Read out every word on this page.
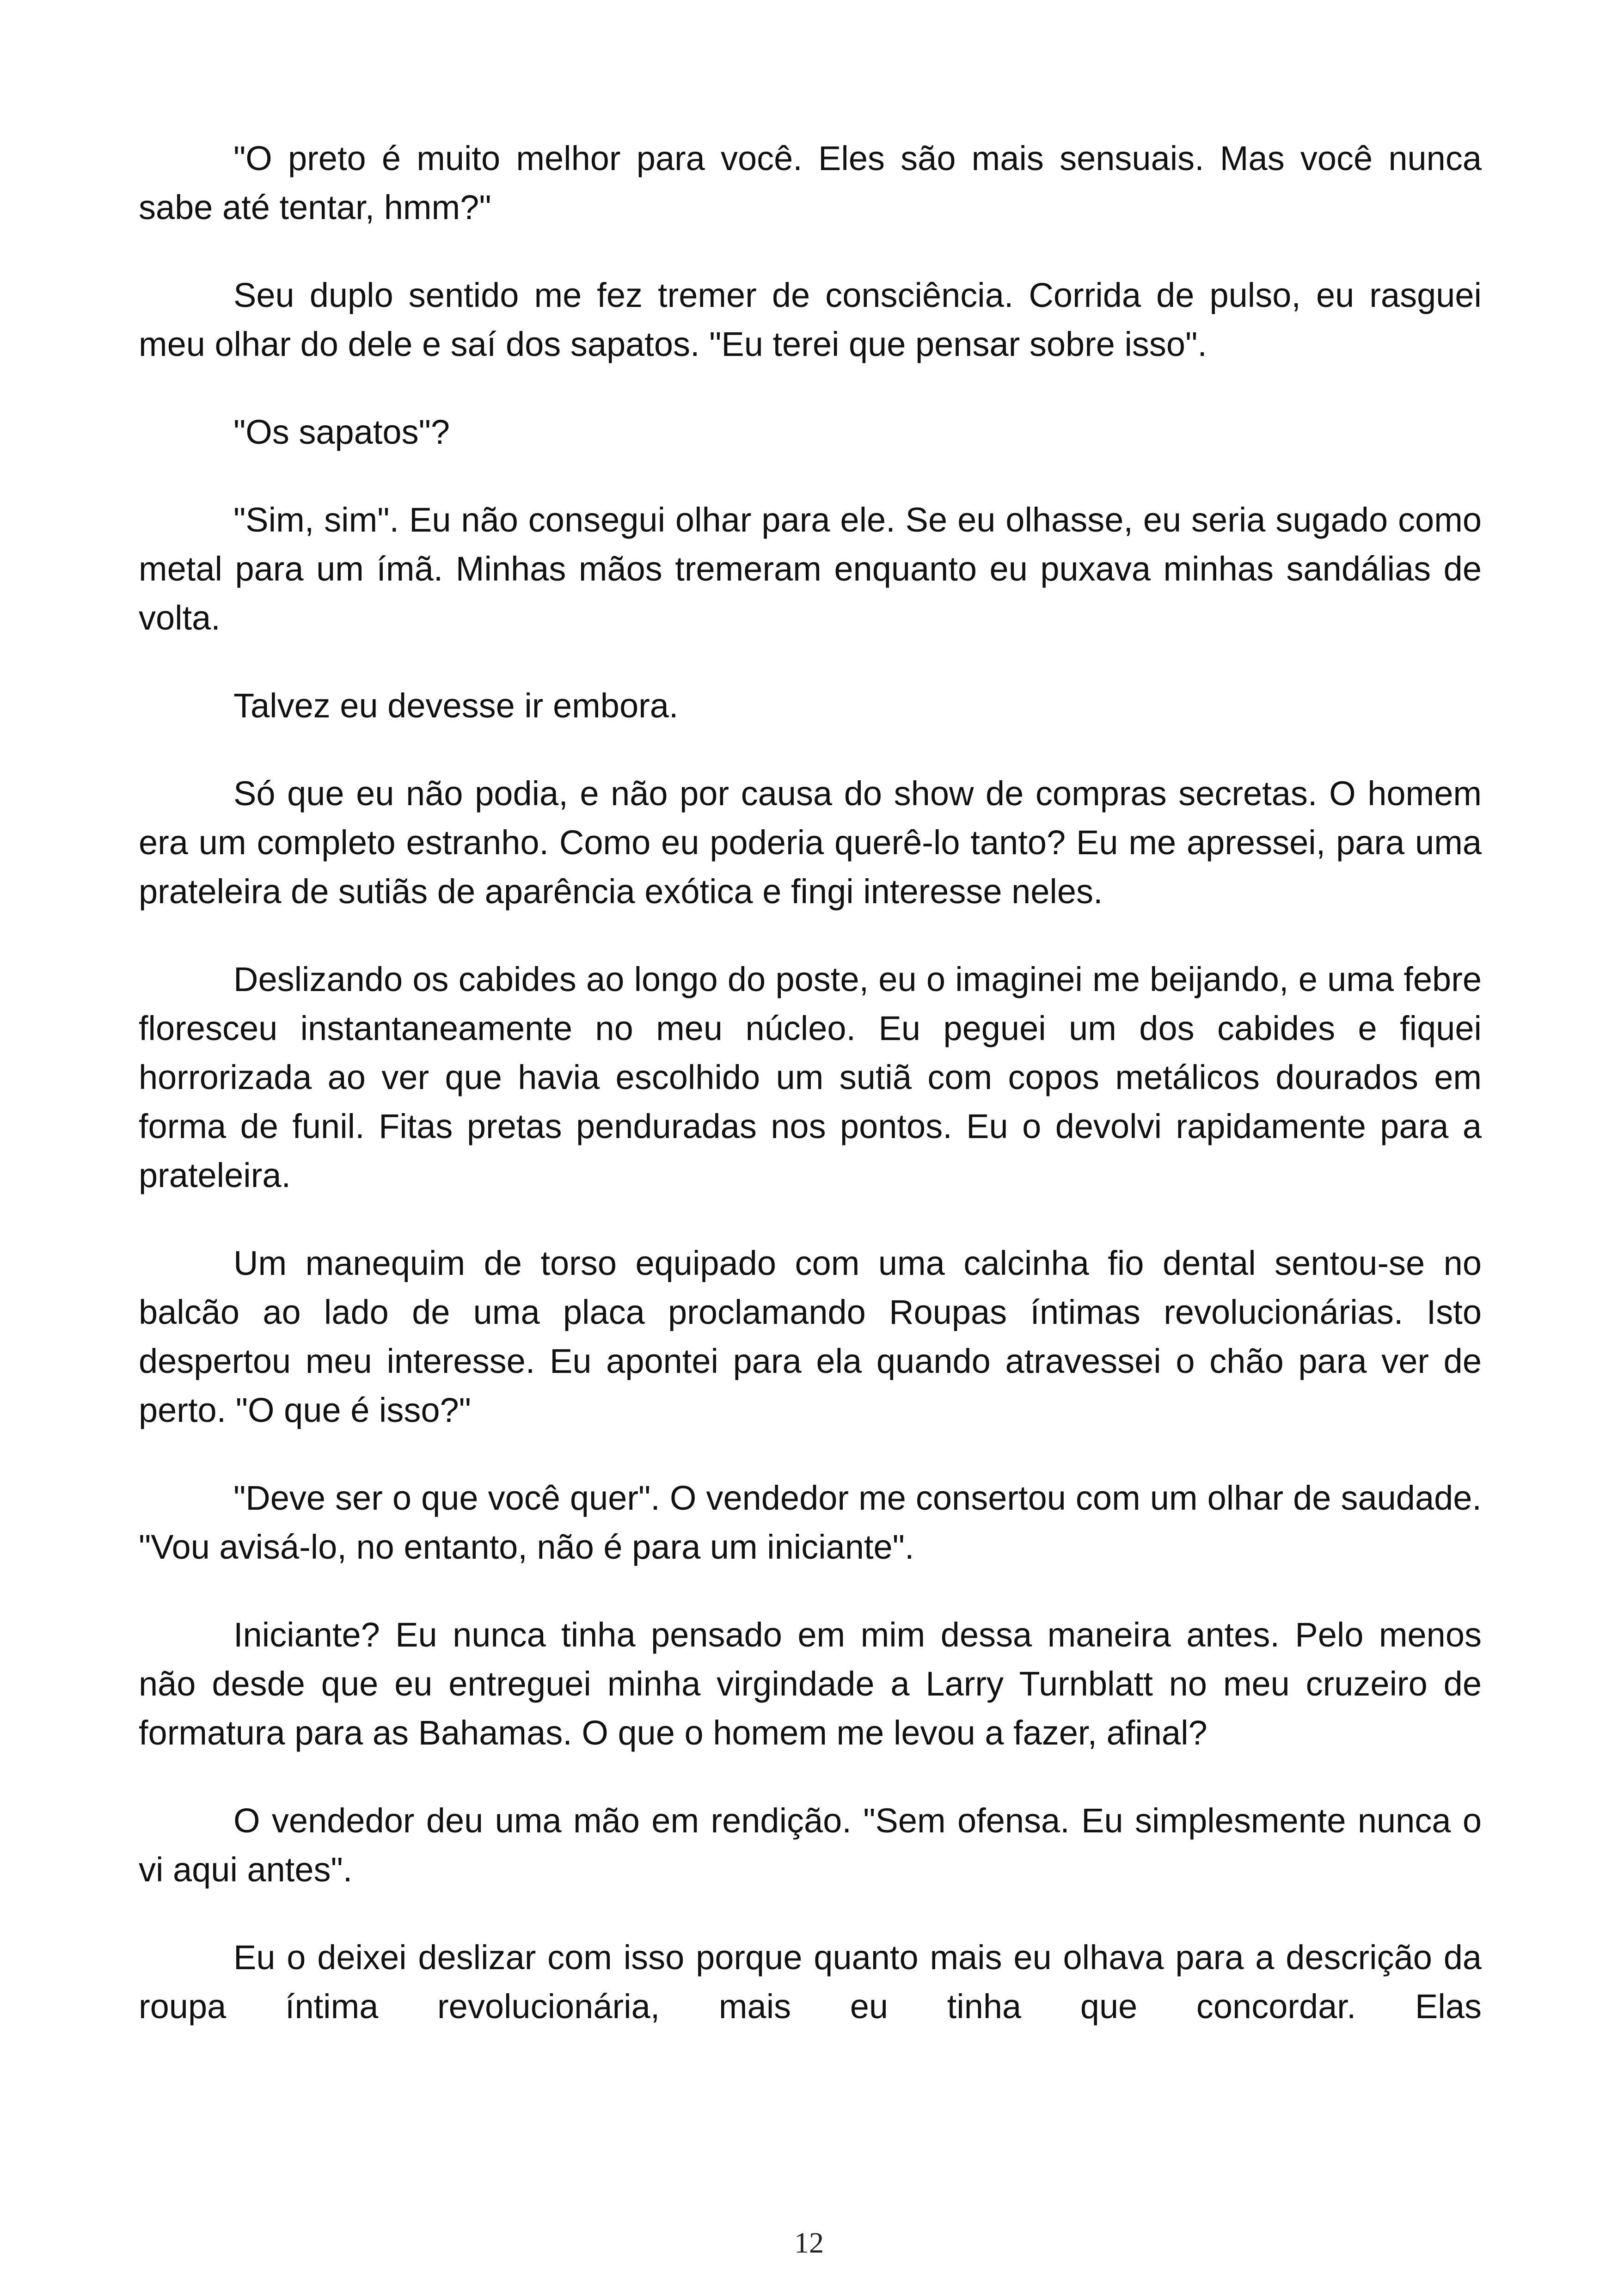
"O preto é muito melhor para você. Eles são mais sensuais. Mas você nunca sabe até tentar, hmm?"

Seu duplo sentido me fez tremer de consciência. Corrida de pulso, eu rasguei meu olhar do dele e saí dos sapatos. "Eu terei que pensar sobre isso".

"Os sapatos"?

"Sim, sim". Eu não consegui olhar para ele. Se eu olhasse, eu seria sugado como metal para um ímã. Minhas mãos tremeram enquanto eu puxava minhas sandálias de volta.

Talvez eu devesse ir embora.

Só que eu não podia, e não por causa do show de compras secretas. O homem era um completo estranho. Como eu poderia querê-lo tanto? Eu me apressei, para uma prateleira de sutiãs de aparência exótica e fingi interesse neles.

Deslizando os cabides ao longo do poste, eu o imaginei me beijando, e uma febre floresceu instantaneamente no meu núcleo. Eu peguei um dos cabides e fiquei horrorizada ao ver que havia escolhido um sutiã com copos metálicos dourados em forma de funil. Fitas pretas penduradas nos pontos. Eu o devolvi rapidamente para a prateleira.

Um manequim de torso equipado com uma calcinha fio dental sentou-se no balcão ao lado de uma placa proclamando Roupas íntimas revolucionárias. Isto despertou meu interesse. Eu apontei para ela quando atravessei o chão para ver de perto. "O que é isso?"

"Deve ser o que você quer". O vendedor me consertou com um olhar de saudade. "Vou avisá-lo, no entanto, não é para um iniciante".

Iniciante? Eu nunca tinha pensado em mim dessa maneira antes. Pelo menos não desde que eu entreguei minha virgindade a Larry Turnblatt no meu cruzeiro de formatura para as Bahamas. O que o homem me levou a fazer, afinal?

O vendedor deu uma mão em rendição. "Sem ofensa. Eu simplesmente nunca o vi aqui antes".

Eu o deixei deslizar com isso porque quanto mais eu olhava para a descrição da roupa íntima revolucionária, mais eu tinha que concordar. Elas

12
